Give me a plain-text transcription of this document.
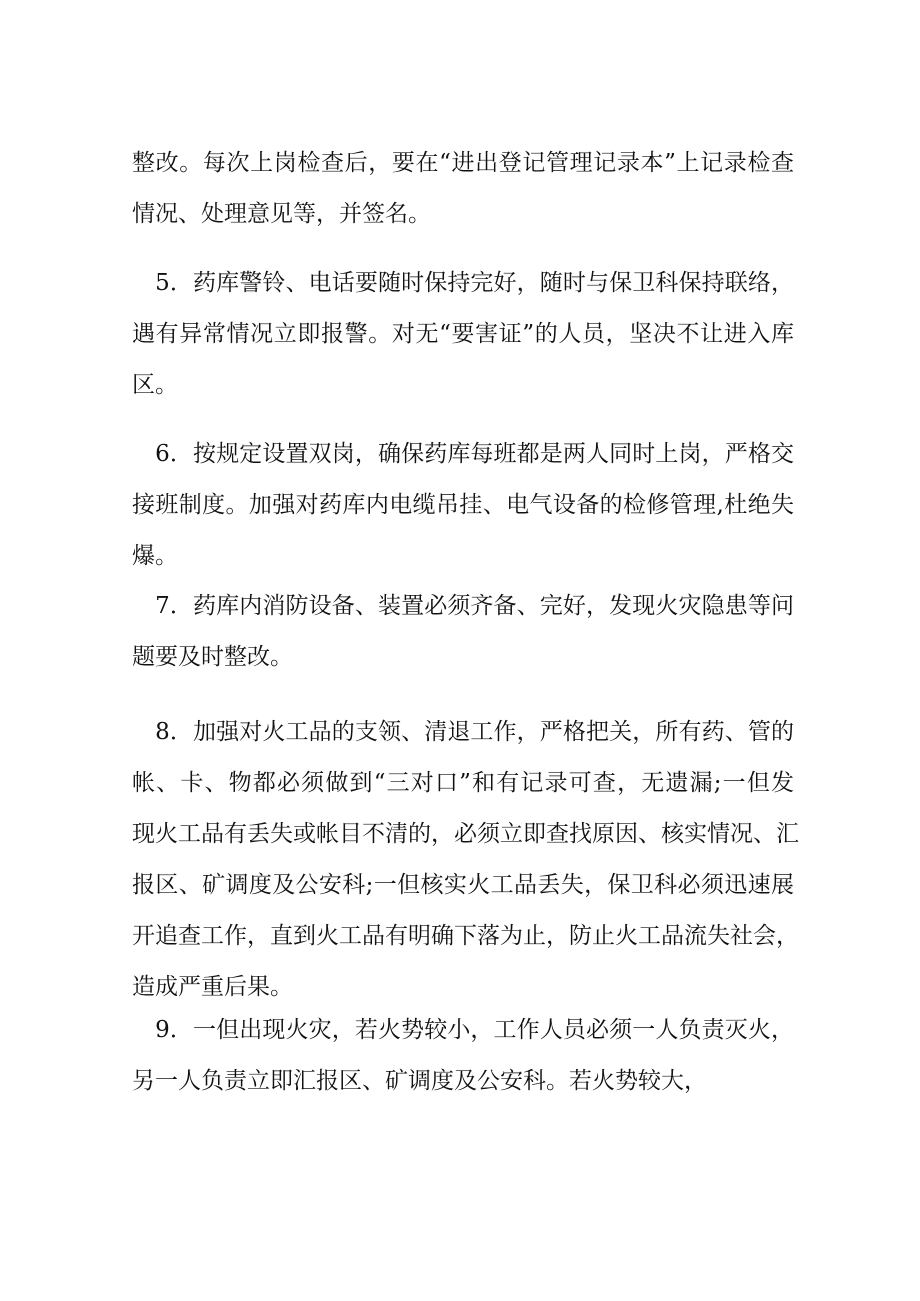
整改。每次上岗检查后，要在“进出登记管理记录本”上记录检查
情况、处理意见等，并签名。
　5．药库警铃、电话要随时保持完好，随时与保卫科保持联络，
遇有异常情况立即报警。对无“要害证”的人员，坚决不让进入库
区。
　6．按规定设置双岗，确保药库每班都是两人同时上岗，严格交
接班制度。加强对药库内电缆吊挂、电气设备的检修管理,杜绝失
爆。
　7．药库内消防设备、装置必须齐备、完好，发现火灾隐患等问
题要及时整改。
　8．加强对火工品的支领、清退工作，严格把关，所有药、管的
帐、卡、物都必须做到“三对口”和有记录可查，无遗漏;一但发
现火工品有丢失或帐目不清的，必须立即查找原因、核实情况、汇
报区、矿调度及公安科;一但核实火工品丢失，保卫科必须迅速展
开追查工作，直到火工品有明确下落为止，防止火工品流失社会，
造成严重后果。
　9．一但出现火灾，若火势较小，工作人员必须一人负责灭火，
另一人负责立即汇报区、矿调度及公安科。若火势较大，
